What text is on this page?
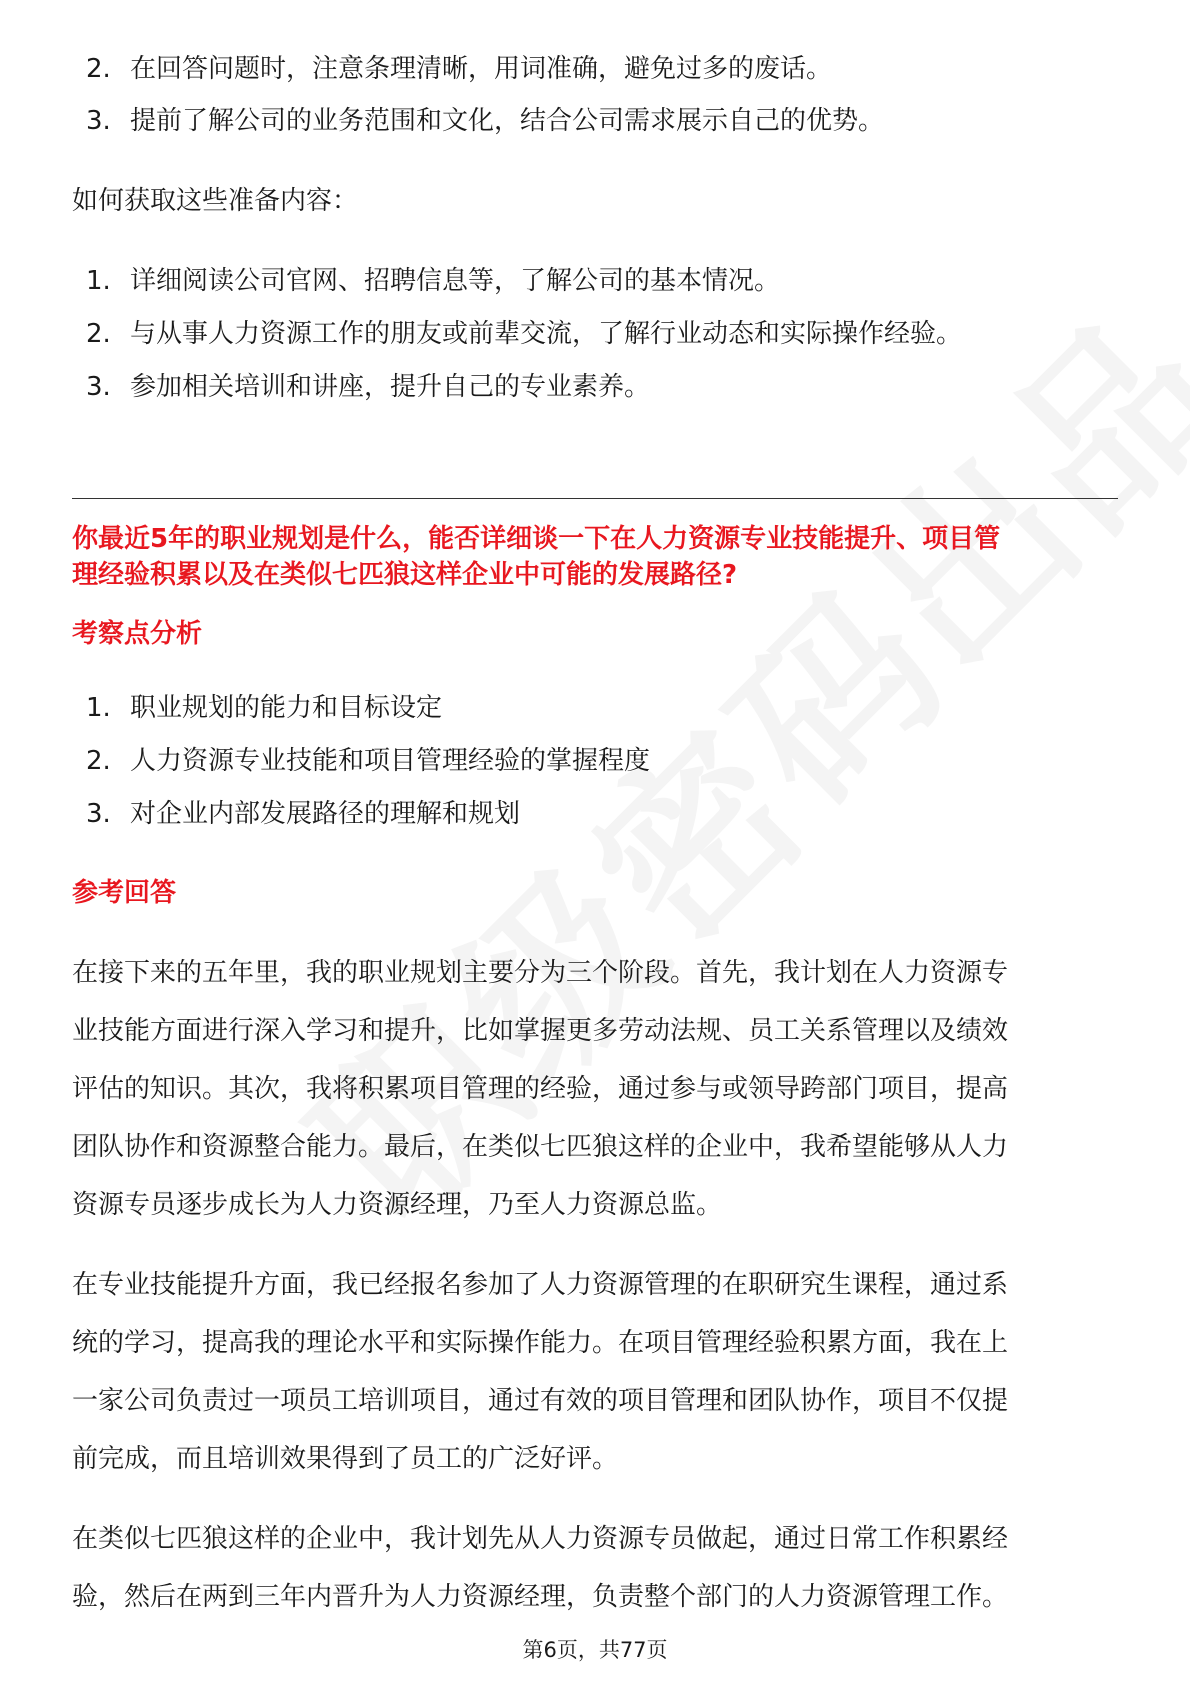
2. 在回答问题时，注意条理清晰，用词准确，避免过多的废话。
3. 提前了解公司的业务范围和文化，结合公司需求展示自己的优势。
如何获取这些准备内容：
1. 详细阅读公司官网、招聘信息等，了解公司的基本情况。
2. 与从事人力资源工作的朋友或前辈交流，了解行业动态和实际操作经验。
3. 参加相关培训和讲座，提升自己的专业素养。
你最近5年的职业规划是什么，能否详细谈一下在人力资源专业技能提升、项目管
理经验积累以及在类似七匹狼这样企业中可能的发展路径?
考察点分析
1. 职业规划的能力和目标设定
2. 人力资源专业技能和项目管理经验的掌握程度
3. 对企业内部发展路径的理解和规划
参考回答
在接下来的五年里，我的职业规划主要分为三个阶段。首先，我计划在人力资源专
业技能方面进行深入学习和提升，比如掌握更多劳动法规、员工关系管理以及绩效
评估的知识。其次，我将积累项目管理的经验，通过参与或领导跨部门项目，提高
团队协作和资源整合能力。最后，在类似七匹狼这样的企业中，我希望能够从人力
资源专员逐步成长为人力资源经理，乃至人力资源总监。
在专业技能提升方面，我已经报名参加了人力资源管理的在职研究生课程，通过系
统的学习，提高我的理论水平和实际操作能力。在项目管理经验积累方面，我在上
一家公司负责过一项员工培训项目，通过有效的项目管理和团队协作，项目不仅提
前完成，而且培训效果得到了员工的广泛好评。
在类似七匹狼这样的企业中，我计划先从人力资源专员做起，通过日常工作积累经
验，然后在两到三年内晋升为人力资源经理，负责整个部门的人力资源管理工作。
第6页，共77页
